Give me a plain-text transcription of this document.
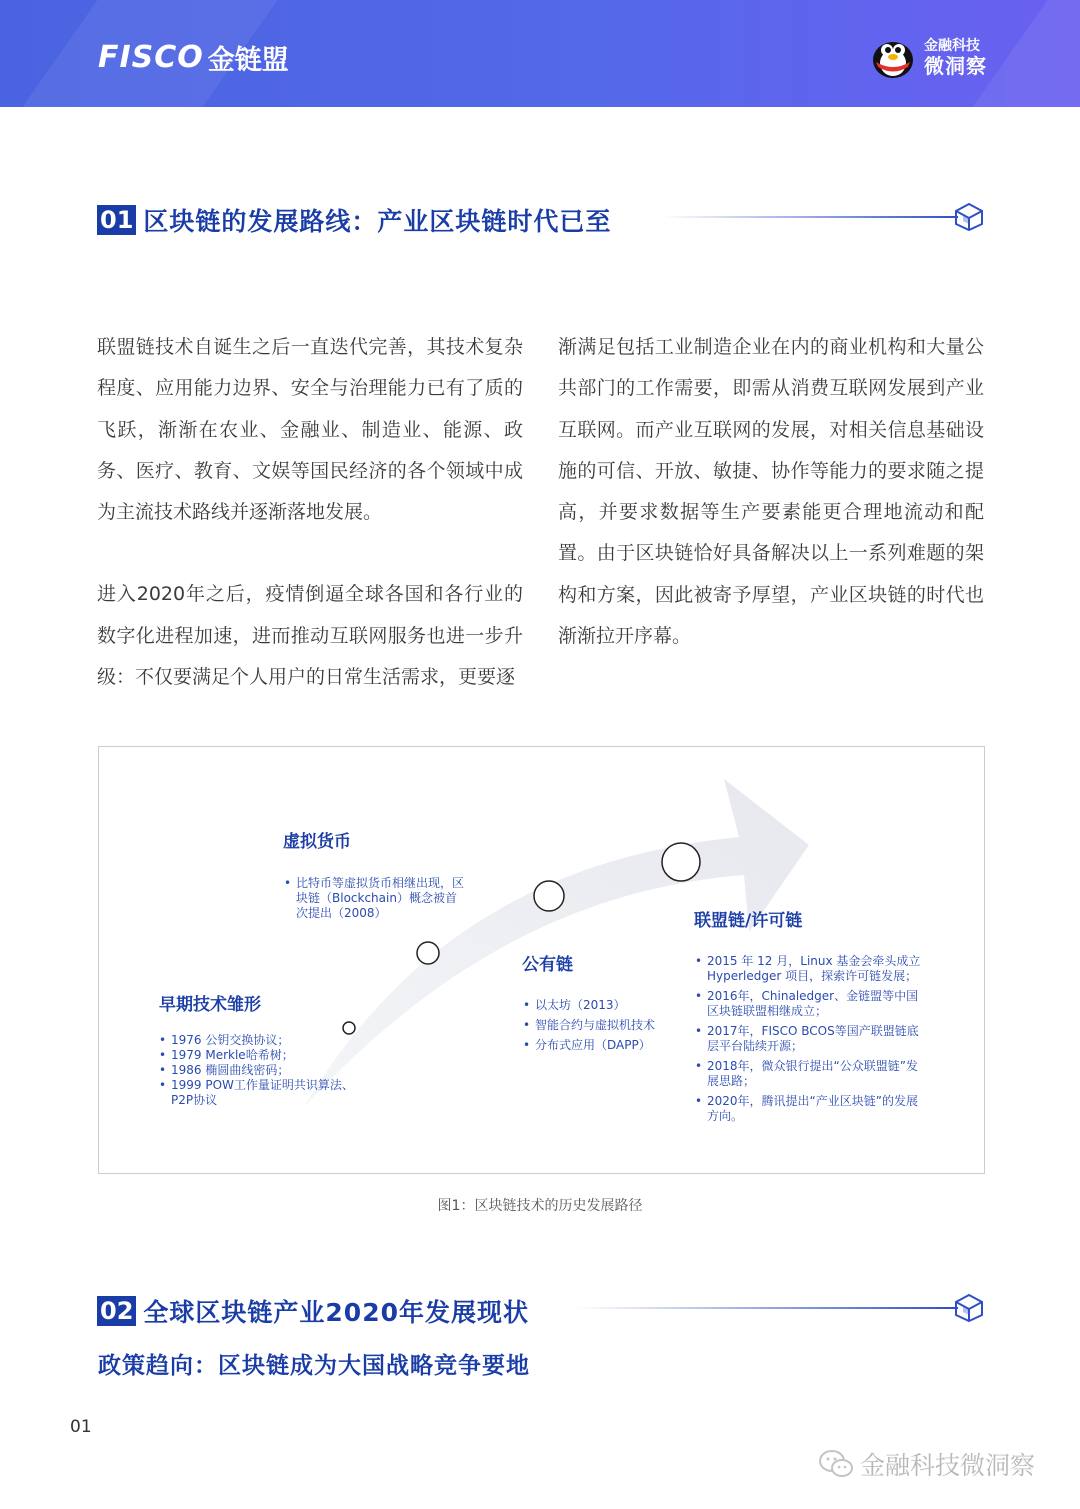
FISCO 金链盟	金融科技
微洞察
01 区块链的发展路线：产业区块链时代已至

联盟链技术自诞生之后一直迭代完善，其技术复杂程度、应用能力边界、安全与治理能力已有了质的飞跃，渐渐在农业、金融业、制造业、能源、政务、医疗、教育、文娱等国民经济的各个领域中成为主流技术路线并逐渐落地发展。

进入2020年之后，疫情倒逼全球各国和各行业的数字化进程加速，进而推动互联网服务也进一步升级：不仅要满足个人用户的日常生活需求，更要逐

渐满足包括工业制造企业在内的商业机构和大量公共部门的工作需要，即需从消费互联网发展到产业互联网。而产业互联网的发展，对相关信息基础设施的可信、开放、敏捷、协作等能力的要求随之提高，并要求数据等生产要素能更合理地流动和配置。由于区块链恰好具备解决以上一系列难题的架构和方案，因此被寄予厚望，产业区块链的时代也渐渐拉开序幕。

早期技术雏形
• 1976 公钥交换协议；
• 1979 Merkle哈希树；
• 1986 椭圆曲线密码；
• 1999 POW工作量证明共识算法、P2P协议
虚拟货币
• 比特币等虚拟货币相继出现，区块链（Blockchain）概念被首次提出（2008）
公有链
• 以太坊（2013）
• 智能合约与虚拟机技术
• 分布式应用（DAPP）
联盟链/许可链
• 2015 年 12 月，Linux 基金会牵头成立 Hyperledger 项目，探索许可链发展；
• 2016年，Chinaledger、金链盟等中国区块链联盟相继成立；
• 2017年，FISCO BCOS等国产联盟链底层平台陆续开源；
• 2018年，微众银行提出“公众联盟链”发展思路；
• 2020年，腾讯提出“产业区块链”的发展方向。
图1：区块链技术的历史发展路径
02 全球区块链产业2020年发展现状
政策趋向：区块链成为大国战略竞争要地
01
金融科技微洞察
